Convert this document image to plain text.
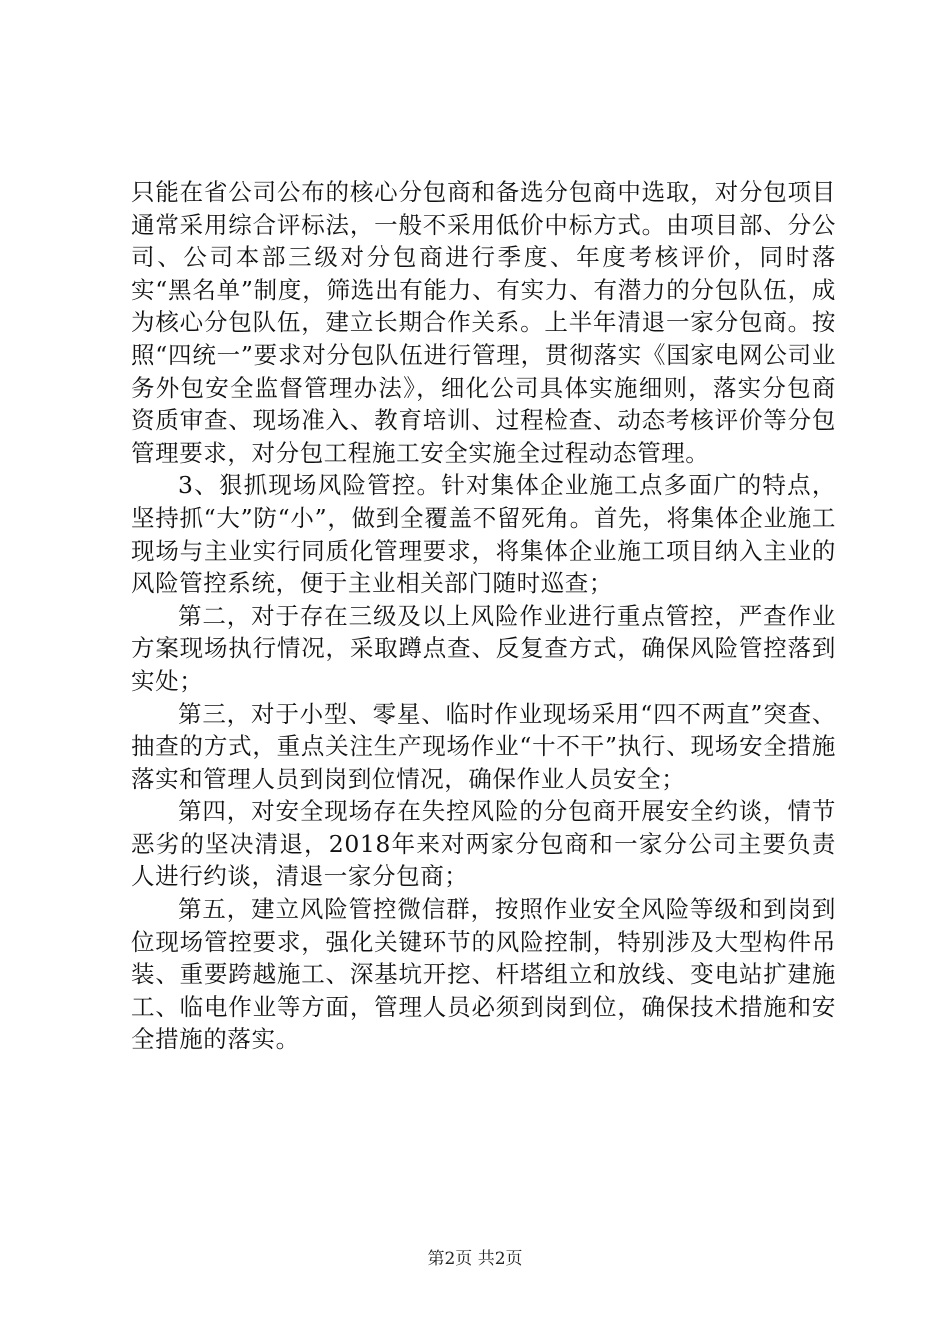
只能在省公司公布的核心分包商和备选分包商中选取，对分包项目通常采用综合评标法，一般不采用低价中标方式。由项目部、分公司、公司本部三级对分包商进行季度、年度考核评价，同时落实“黑名单”制度，筛选出有能力、有实力、有潜力的分包队伍，成为核心分包队伍，建立长期合作关系。上半年清退一家分包商。按照“四统一”要求对分包队伍进行管理，贯彻落实《国家电网公司业务外包安全监督管理办法》，细化公司具体实施细则，落实分包商资质审查、现场准入、教育培训、过程检查、动态考核评价等分包管理要求，对分包工程施工安全实施全过程动态管理。

3、狠抓现场风险管控。针对集体企业施工点多面广的特点，坚持抓“大”防“小”，做到全覆盖不留死角。首先，将集体企业施工现场与主业实行同质化管理要求，将集体企业施工项目纳入主业的风险管控系统，便于主业相关部门随时巡查；

第二，对于存在三级及以上风险作业进行重点管控，严查作业方案现场执行情况，采取蹲点查、反复查方式，确保风险管控落到实处；

第三，对于小型、零星、临时作业现场采用“四不两直”突查、抽查的方式，重点关注生产现场作业“十不干”执行、现场安全措施落实和管理人员到岗到位情况，确保作业人员安全；

第四，对安全现场存在失控风险的分包商开展安全约谈，情节恶劣的坚决清退，2018年来对两家分包商和一家分公司主要负责人进行约谈，清退一家分包商；

第五，建立风险管控微信群，按照作业安全风险等级和到岗到位现场管控要求，强化关键环节的风险控制，特别涉及大型构件吊装、重要跨越施工、深基坑开挖、杆塔组立和放线、变电站扩建施工、临电作业等方面，管理人员必须到岗到位，确保技术措施和安全措施的落实。

第2页 共2页
